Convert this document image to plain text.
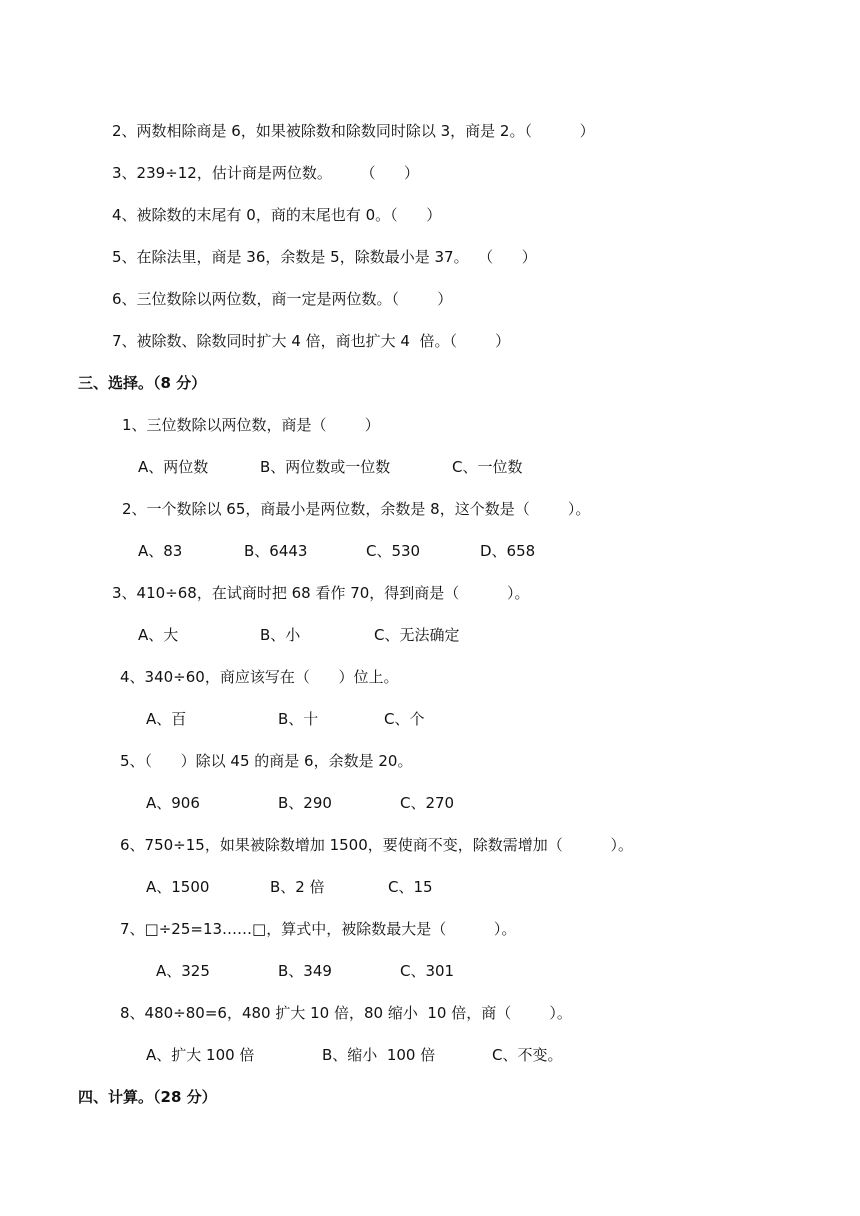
2、两数相除商是 6，如果被除数和除数同时除以 3，商是 2。（          ）
3、239÷12，估计商是两位数。      （      ）
4、被除数的末尾有 0，商的末尾也有 0。（      ）
5、在除法里，商是 36，余数是 5，除数最小是 37。  （      ）
6、三位数除以两位数，商一定是两位数。（        ）
7、被除数、除数同时扩大 4 倍，商也扩大 4  倍。（        ）
三、选择。（8 分）
1、三位数除以两位数，商是（        ）
A、两位数	B、两位数或一位数	C、一位数
2、一个数除以 65，商最小是两位数，余数是 8，这个数是（        ）。
A、83	B、6443	C、530	D、658
3、410÷68，在试商时把 68 看作 70，得到商是（          ）。
A、大	B、小	C、无法确定
4、340÷60，商应该写在（      ）位上。
A、百	B、十	C、个
5、（      ）除以 45 的商是 6，余数是 20。
A、906	B、290	C、270
6、750÷15，如果被除数增加 1500，要使商不变，除数需增加（          ）。
A、1500	B、2 倍	C、15
7、□÷25=13……□，算式中，被除数最大是（          ）。
A、325	B、349	C、301
8、480÷80=6，480 扩大 10 倍，80 缩小  10 倍，商（        ）。
A、扩大 100 倍	B、缩小  100 倍	C、不变。
四、计算。（28 分）
